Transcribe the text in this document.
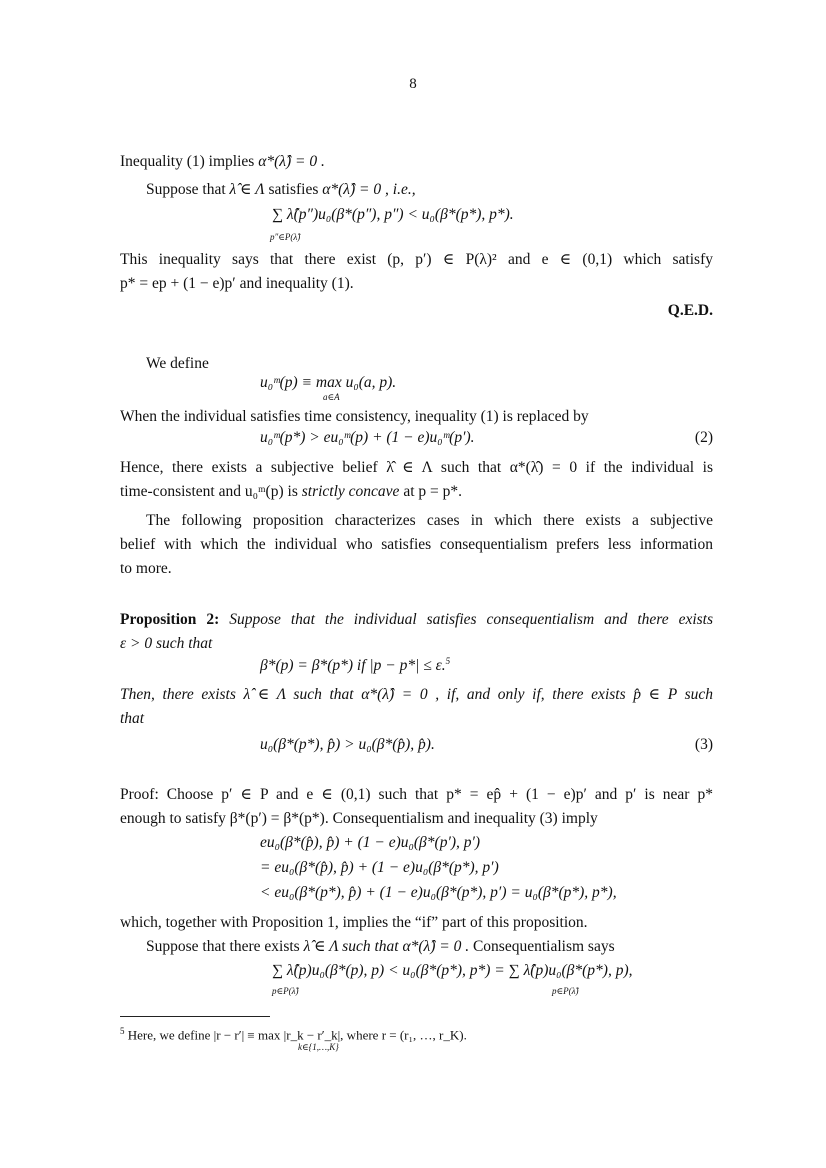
8
Inequality (1) implies α*(λ̂) = 0 .
Suppose that λ̂ ∈ Λ satisfies α*(λ̂) = 0 , i.e.,
∑ λ̂(p″)u₀(β*(p″), p″) < u₀(β*(p*), p*).
p″∈P(λ̂)
This inequality says that there exist (p, p′) ∈ P(λ)² and e ∈ (0,1) which satisfy
p* = ep + (1 − e)p′ and inequality (1).
Q.E.D.
We define
u₀ᵐ(p) ≡ max u₀(a, p).
a∈A
When the individual satisfies time consistency, inequality (1) is replaced by
u₀ᵐ(p*) > eu₀ᵐ(p) + (1 − e)u₀ᵐ(p′).	(2)
Hence, there exists a subjective belief λ̂ ∈ Λ such that α*(λ̂) = 0 if the individual is
time-consistent and u₀ᵐ(p) is strictly concave at p = p*.
The following proposition characterizes cases in which there exists a subjective
belief with which the individual who satisfies consequentialism prefers less information
to more.
Proposition 2: Suppose that the individual satisfies consequentialism and there exists
ε > 0 such that
β*(p) = β*(p*) if |p − p*| ≤ ε.$^5$
Then, there exists λ̂ ∈ Λ such that α*(λ̂) = 0 , if, and only if, there exists p̂ ∈ P such
that
u₀(β*(p*), p̂) > u₀(β*(p̂), p̂).	(3)
Proof: Choose p′ ∈ P and e ∈ (0,1) such that p* = ep̂ + (1 − e)p′ and p′ is near p*
enough to satisfy β*(p′) = β*(p*). Consequentialism and inequality (3) imply
eu₀(β*(p̂), p̂) + (1 − e)u₀(β*(p′), p′)
= eu₀(β*(p̂), p̂) + (1 − e)u₀(β*(p*), p′)
< eu₀(β*(p*), p̂) + (1 − e)u₀(β*(p*), p′) = u₀(β*(p*), p*),
which, together with Proposition 1, implies the “if” part of this proposition.
Suppose that there exists λ̂ ∈ Λ such that α*(λ̂) = 0 . Consequentialism says
∑ λ̂(p)u₀(β*(p), p) < u₀(β*(p*), p*) = ∑ λ̂(p)u₀(β*(p*), p),
p∈P(λ̂)	p∈P(λ̂)
$^5$ Here, we define |r − r′| ≡ max |r_k − r′_k|, where r = (r₁, …, r_K).
k∈{1,…,K}
